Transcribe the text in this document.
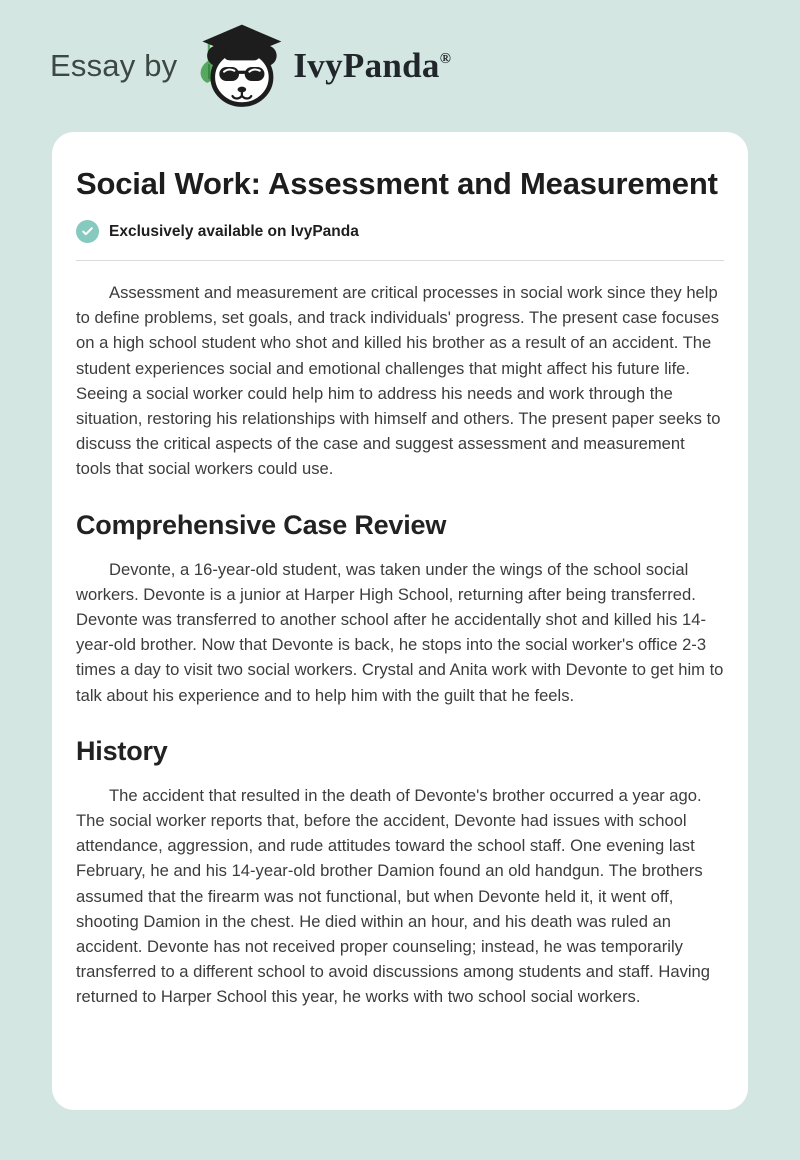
Essay by	IvyPanda®
Social Work: Assessment and Measurement
Exclusively available on IvyPanda

Assessment and measurement are critical processes in social work since they help to define problems, set goals, and track individuals' progress. The present case focuses on a high school student who shot and killed his brother as a result of an accident. The student experiences social and emotional challenges that might affect his future life. Seeing a social worker could help him to address his needs and work through the situation, restoring his relationships with himself and others. The present paper seeks to discuss the critical aspects of the case and suggest assessment and measurement tools that social workers could use.

Comprehensive Case Review

Devonte, a 16-year-old student, was taken under the wings of the school social workers. Devonte is a junior at Harper High School, returning after being transferred. Devonte was transferred to another school after he accidentally shot and killed his 14-year-old brother. Now that Devonte is back, he stops into the social worker's office 2-3 times a day to visit two social workers. Crystal and Anita work with Devonte to get him to talk about his experience and to help him with the guilt that he feels.

History

The accident that resulted in the death of Devonte's brother occurred a year ago. The social worker reports that, before the accident, Devonte had issues with school attendance, aggression, and rude attitudes toward the school staff. One evening last February, he and his 14-year-old brother Damion found an old handgun. The brothers assumed that the firearm was not functional, but when Devonte held it, it went off, shooting Damion in the chest. He died within an hour, and his death was ruled an accident. Devonte has not received proper counseling; instead, he was temporarily transferred to a different school to avoid discussions among students and staff. Having returned to Harper School this year, he works with two school social workers.
